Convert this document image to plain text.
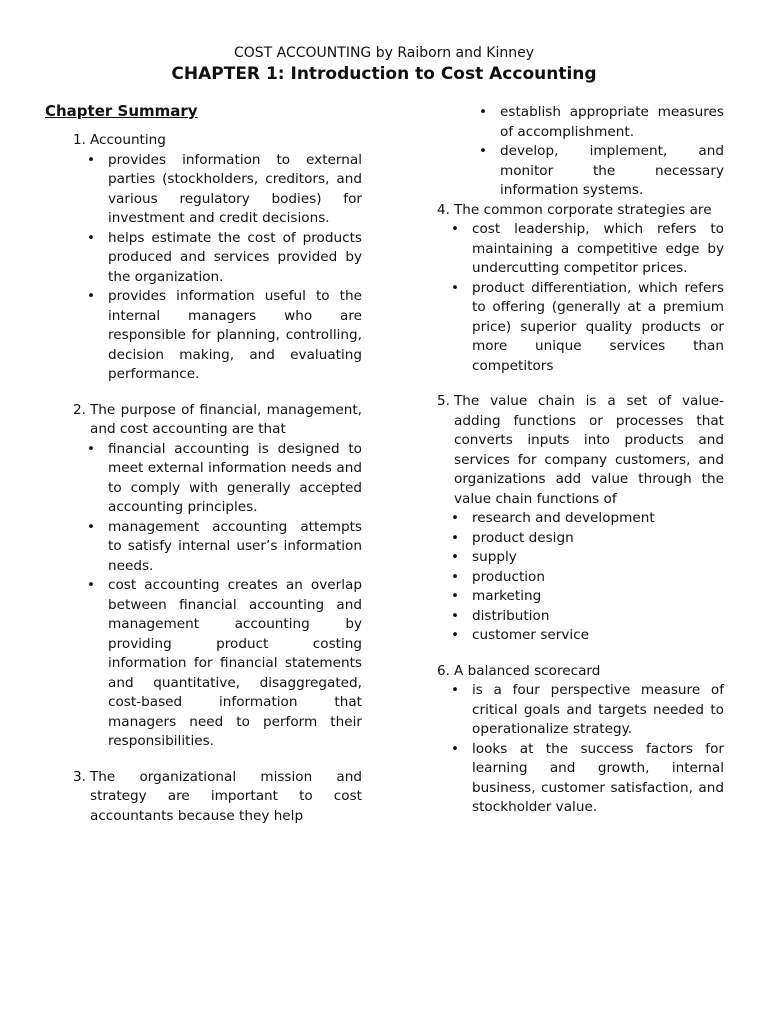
COST ACCOUNTING by Raiborn and Kinney
CHAPTER 1: Introduction to Cost Accounting
Chapter Summary
1. Accounting
• provides information to external parties (stockholders, creditors, and various regulatory bodies) for investment and credit decisions.
• helps estimate the cost of products produced and services provided by the organization.
• provides information useful to the internal managers who are responsible for planning, controlling, decision making, and evaluating performance.
2. The purpose of financial, management, and cost accounting are that
• financial accounting is designed to meet external information needs and to comply with generally accepted accounting principles.
• management accounting attempts to satisfy internal user’s information needs.
• cost accounting creates an overlap between financial accounting and management accounting by providing product costing information for financial statements and quantitative, disaggregated, cost-based information that managers need to perform their responsibilities.
3. The organizational mission and strategy are important to cost accountants because they help
• establish appropriate measures of accomplishment.
• develop, implement, and monitor the necessary information systems.
4. The common corporate strategies are
• cost leadership, which refers to maintaining a competitive edge by undercutting competitor prices.
• product differentiation, which refers to offering (generally at a premium price) superior quality products or more unique services than competitors
5. The value chain is a set of value-adding functions or processes that converts inputs into products and services for company customers, and organizations add value through the value chain functions of
• research and development
• product design
• supply
• production
• marketing
• distribution
• customer service
6. A balanced scorecard
• is a four perspective measure of critical goals and targets needed to operationalize strategy.
• looks at the success factors for learning and growth, internal business, customer satisfaction, and stockholder value.
